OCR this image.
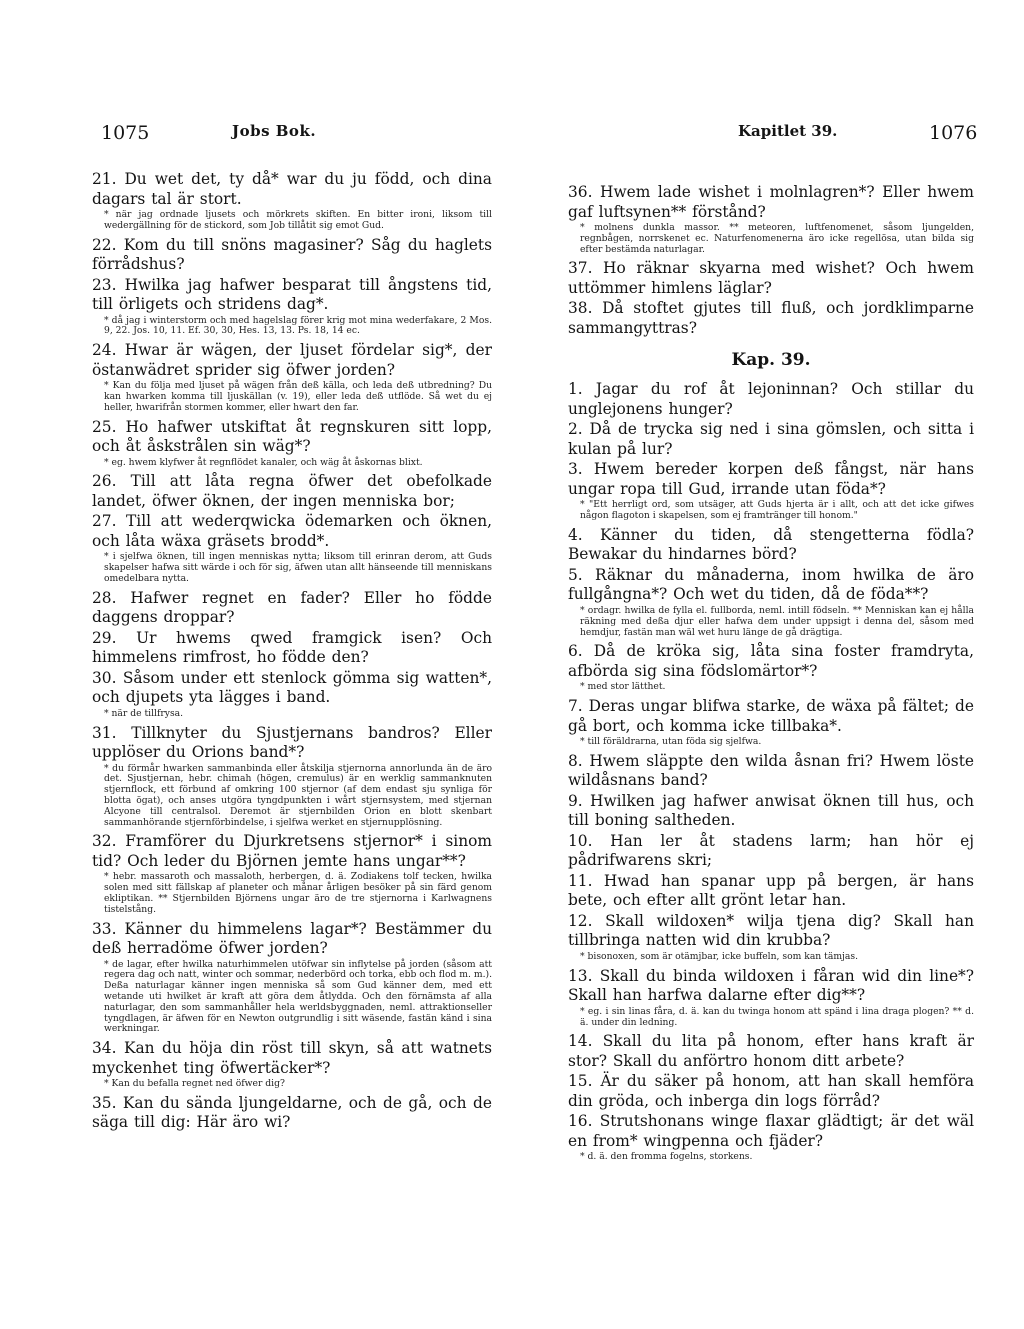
1075	Jobs Bok.	Kapitlet 39.	1076

21. Du wet det, ty då* war du ju född, och dina dagars tal är stort.

* när jag ordnade ljusets och mörkrets skiften. En bitter ironi, liksom till wedergällning för de stickord, som Job tillåtit sig emot Gud.

22. Kom du till snöns magasiner? Såg du haglets förrådshus?

23. Hwilka jag hafwer besparat till ångstens tid, till örligets och stridens dag*.

* då jag i winterstorm och med hagelslag förer krig mot mina wederfakare, 2 Mos. 9, 22. Jos. 10, 11. Ef. 30, 30, Hes. 13, 13. Ps. 18, 14 ec.

24. Hwar är wägen, der ljuset fördelar sig*, der östanwädret sprider sig öfwer jorden?

* Kan du följa med ljuset på wägen från deß källa, och leda deß utbredning? Du kan hwarken komma till ljuskällan (v. 19), eller leda deß utflöde. Så wet du ej heller, hwarifrån stormen kommer, eller hwart den far.

25. Ho hafwer utskiftat åt regnskuren sitt lopp, och åt åskstrålen sin wäg*?

* eg. hwem klyfwer åt regnflödet kanaler, och wäg åt åskornas blixt.

26. Till att låta regna öfwer det obefolkade landet, öfwer öknen, der ingen menniska bor;

27. Till att wederqwicka ödemarken och öknen, och låta wäxa gräsets brodd*.

* i sjelfwa öknen, till ingen menniskas nytta; liksom till erinran derom, att Guds skapelser hafwa sitt wärde i och för sig, äfwen utan allt hänseende till menniskans omedelbara nytta.

28. Hafwer regnet en fader? Eller ho födde daggens droppar?

29. Ur hwems qwed framgick isen? Och himmelens rimfrost, ho födde den?

30. Såsom under ett stenlock gömma sig watten*, och djupets yta lägges i band.

* när de tillfrysa.

31. Tillknyter du Sjustjernans bandros? Eller upplöser du Orions band*?

* du förmår hwarken sammanbinda eller åtskilja stjernorna annorlunda än de äro det. Sjustjernan, hebr. chimah (högen, cremulus) är en werklig sammanknuten stjernflock, ett förbund af omkring 100 stjernor (af dem endast sju synliga för blotta ögat), och anses utgöra tyngdpunkten i wårt stjernsystem, med stjernan Alcyone till centralsol. Deremot är stjernbilden Orion en blott skenbart sammanhörande stjernförbindelse, i sjelfwa werket en stjernupplösning.

32. Framförer du Djurkretsens stjernor* i sinom tid? Och leder du Björnen jemte hans ungar**?

* hebr. massaroth och massaloth, herbergen, d. ä. Zodiakens tolf tecken, hwilka solen med sitt fällskap af planeter och månar årligen besöker på sin färd genom ekliptikan. ** Stjernbilden Björnens ungar äro de tre stjernorna i Karlwagnens tistelstång.

33. Känner du himmelens lagar*? Bestämmer du deß herradöme öfwer jorden?

* de lagar, efter hwilka naturhimmelen utöfwar sin inflytelse på jorden (såsom att regera dag och natt, winter och sommar, nederbörd och torka, ebb och flod m. m.). Deßa naturlagar känner ingen menniska så som Gud känner dem, med ett wetande uti hwilket är kraft att göra dem åtlydda. Och den förnämsta af alla naturlagar, den som sammanhåller hela werldsbyggnaden, neml. attraktionseller tyngdlagen, är äfwen för en Newton outgrundlig i sitt wäsende, fastän känd i sina werkningar.

34. Kan du höja din röst till skyn, så att watnets myckenhet ting öfwertäcker*?

* Kan du befalla regnet ned öfwer dig?

35. Kan du sända ljungeldarne, och de gå, och de säga till dig: Här äro wi?

36. Hwem lade wishet i molnlagren*? Eller hwem gaf luftsynen** förstånd?

* molnens dunkla massor. ** meteoren, luftfenomenet, såsom ljungelden, regnbågen, norrskenet ec. Naturfenomenerna äro icke regellösa, utan bilda sig efter bestämda naturlagar.

37. Ho räknar skyarna med wishet? Och hwem uttömmer himlens läglar?

38. Då stoftet gjutes till fluß, och jordklimparne sammangyttras?

Kap. 39.

1. Jagar du rof åt lejoninnan? Och stillar du unglejonens hunger?

2. Då de trycka sig ned i sina gömslen, och sitta i kulan på lur?

3. Hwem bereder korpen deß fångst, när hans ungar ropa till Gud, irrande utan föda*?

* "Ett herrligt ord, som utsäger, att Guds hjerta är i allt, och att det icke gifwes någon flagoton i skapelsen, som ej framtränger till honom."

4. Känner du tiden, då stengetterna födla? Bewakar du hindarnes börd?

5. Räknar du månaderna, inom hwilka de äro fullgångna*? Och wet du tiden, då de föda**?

* ordagr. hwilka de fylla el. fullborda, neml. intill födseln. ** Menniskan kan ej hålla räkning med deßa djur eller hafwa dem under uppsigt i denna del, såsom med hemdjur, fastän man wäl wet huru länge de gå drägtiga.

6. Då de kröka sig, låta sina foster framdryta, afbörda sig sina födslomärtor*?

* med stor lätthet.

7. Deras ungar blifwa starke, de wäxa på fältet; de gå bort, och komma icke tillbaka*.

* till föräldrarna, utan föda sig sjelfwa.

8. Hwem släppte den wilda åsnan fri? Hwem löste wildåsnans band?

9. Hwilken jag hafwer anwisat öknen till hus, och till boning saltheden.

10. Han ler åt stadens larm; han hör ej pådrifwarens skri;

11. Hwad han spanar upp på bergen, är hans bete, och efter allt grönt letar han.

12. Skall wildoxen* wilja tjena dig? Skall han tillbringa natten wid din krubba?

* bisonoxen, som är otämjbar, icke buffeln, som kan tämjas.

13. Skall du binda wildoxen i fåran wid din line*? Skall han harfwa dalarne efter dig**?

* eg. i sin linas fåra, d. ä. kan du twinga honom att spänd i lina draga plogen? ** d. ä. under din ledning.

14. Skall du lita på honom, efter hans kraft är stor? Skall du anförtro honom ditt arbete?

15. Är du säker på honom, att han skall hemföra din gröda, och inberga din logs förråd?

16. Strutshonans winge flaxar glädtigt; är det wäl en from* wingpenna och fjäder?

* d. ä. den fromma fogelns, storkens.
